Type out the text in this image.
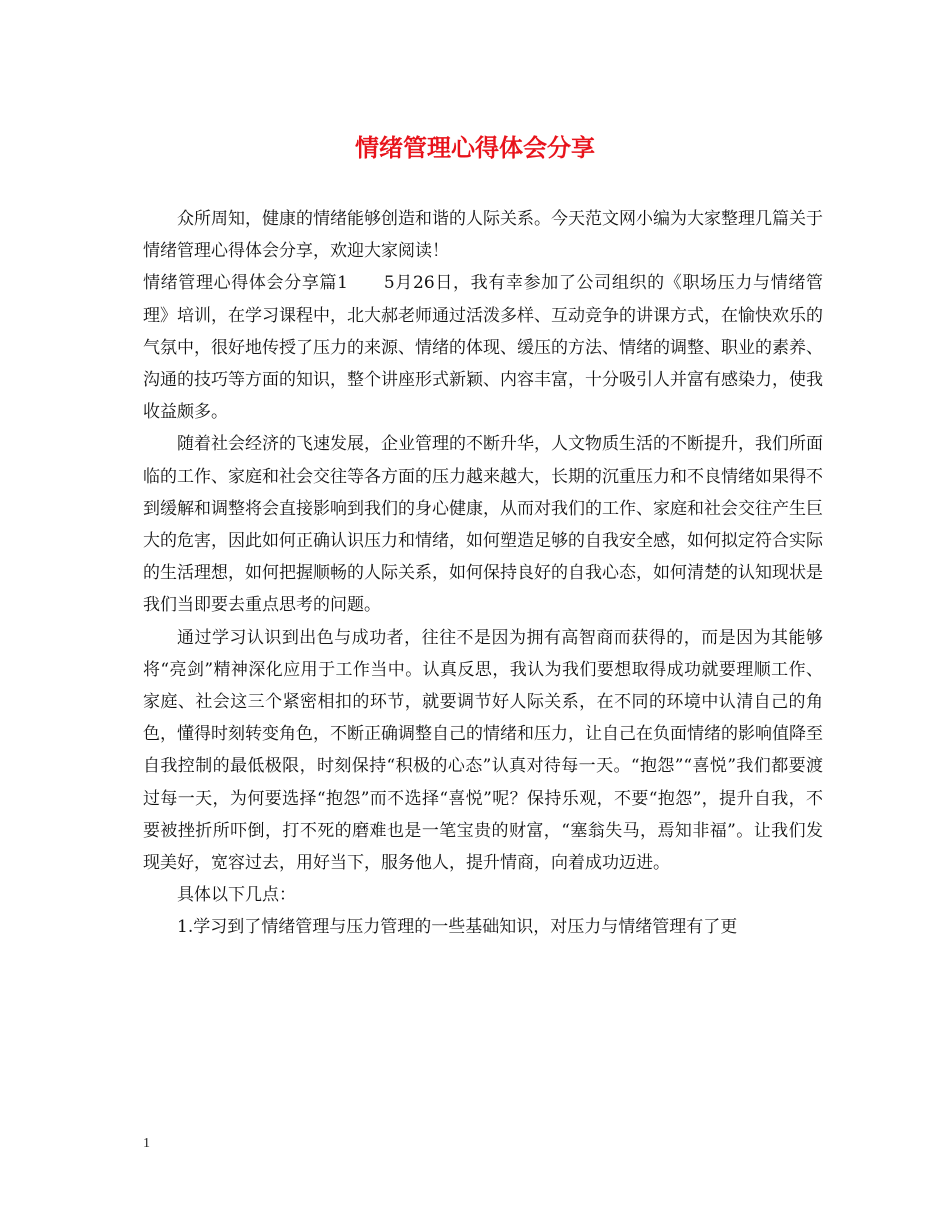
情绪管理心得体会分享

众所周知，健康的情绪能够创造和谐的人际关系。今天范文网小编为大家整理几篇关于情绪管理心得体会分享，欢迎大家阅读！

情绪管理心得体会分享篇1　　5月26日，我有幸参加了公司组织的《职场压力与情绪管理》培训，在学习课程中，北大郝老师通过活泼多样、互动竞争的讲课方式，在愉快欢乐的气氛中，很好地传授了压力的来源、情绪的体现、缓压的方法、情绪的调整、职业的素养、沟通的技巧等方面的知识，整个讲座形式新颖、内容丰富，十分吸引人并富有感染力，使我收益颇多。

随着社会经济的飞速发展，企业管理的不断升华，人文物质生活的不断提升，我们所面临的工作、家庭和社会交往等各方面的压力越来越大，长期的沉重压力和不良情绪如果得不到缓解和调整将会直接影响到我们的身心健康，从而对我们的工作、家庭和社会交往产生巨大的危害，因此如何正确认识压力和情绪，如何塑造足够的自我安全感，如何拟定符合实际的生活理想，如何把握顺畅的人际关系，如何保持良好的自我心态，如何清楚的认知现状是我们当即要去重点思考的问题。

通过学习认识到出色与成功者，往往不是因为拥有高智商而获得的，而是因为其能够将“亮剑”精神深化应用于工作当中。认真反思，我认为我们要想取得成功就要理顺工作、家庭、社会这三个紧密相扣的环节，就要调节好人际关系，在不同的环境中认清自己的角色，懂得时刻转变角色，不断正确调整自己的情绪和压力，让自己在负面情绪的影响值降至自我控制的最低极限，时刻保持“积极的心态”认真对待每一天。“抱怨”“喜悦”我们都要渡过每一天，为何要选择“抱怨”而不选择“喜悦”呢？保持乐观，不要“抱怨”，提升自我，不要被挫折所吓倒，打不死的磨难也是一笔宝贵的财富，“塞翁失马，焉知非福”。让我们发现美好，宽容过去，用好当下，服务他人，提升情商，向着成功迈进。

具体以下几点：

1.学习到了情绪管理与压力管理的一些基础知识，对压力与情绪管理有了更

1
